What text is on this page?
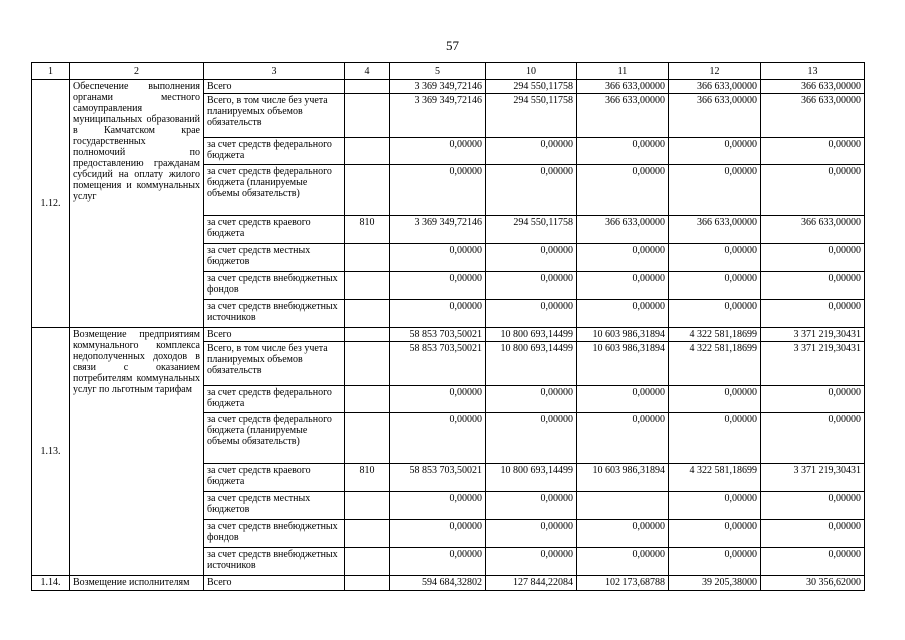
57
1	2	3	4	5	10	11	12	13
1.12.	Обеспечение выполнения органами местного самоуправления муниципальных образований в Камчатском крае государственных полномочий по предоставлению гражданам субсидий на оплату жилого помещения и коммунальных услуг	Всего		3 369 349,72146	294 550,11758	366 633,00000	366 633,00000	366 633,00000
		Всего, в том числе без учета планируемых объемов обязательств		3 369 349,72146	294 550,11758	366 633,00000	366 633,00000	366 633,00000
		за счет средств федерального бюджета		0,00000	0,00000	0,00000	0,00000	0,00000
		за счет средств федерального бюджета (планируемые объемы обязательств)		0,00000	0,00000	0,00000	0,00000	0,00000
		за счет средств краевого бюджета	810	3 369 349,72146	294 550,11758	366 633,00000	366 633,00000	366 633,00000
		за счет средств местных бюджетов		0,00000	0,00000	0,00000	0,00000	0,00000
		за счет средств внебюджетных фондов		0,00000	0,00000	0,00000	0,00000	0,00000
		за счет средств внебюджетных источников		0,00000	0,00000	0,00000	0,00000	0,00000
1.13.	Возмещение предприятиям коммунального комплекса недополученных доходов в связи с оказанием потребителям коммунальных услуг по льготным тарифам	Всего		58 853 703,50021	10 800 693,14499	10 603 986,31894	4 322 581,18699	3 371 219,30431
		Всего, в том числе без учета планируемых объемов обязательств		58 853 703,50021	10 800 693,14499	10 603 986,31894	4 322 581,18699	3 371 219,30431
		за счет средств федерального бюджета		0,00000	0,00000	0,00000	0,00000	0,00000
		за счет средств федерального бюджета (планируемые объемы обязательств)		0,00000	0,00000	0,00000	0,00000	0,00000
		за счет средств краевого бюджета	810	58 853 703,50021	10 800 693,14499	10 603 986,31894	4 322 581,18699	3 371 219,30431
		за счет средств местных бюджетов		0,00000	0,00000		0,00000	0,00000
		за счет средств внебюджетных фондов		0,00000	0,00000	0,00000	0,00000	0,00000
		за счет средств внебюджетных источников		0,00000	0,00000	0,00000	0,00000	0,00000
1.14.	Возмещение исполнителям	Всего		594 684,32802	127 844,22084	102 173,68788	39 205,38000	30 356,62000
